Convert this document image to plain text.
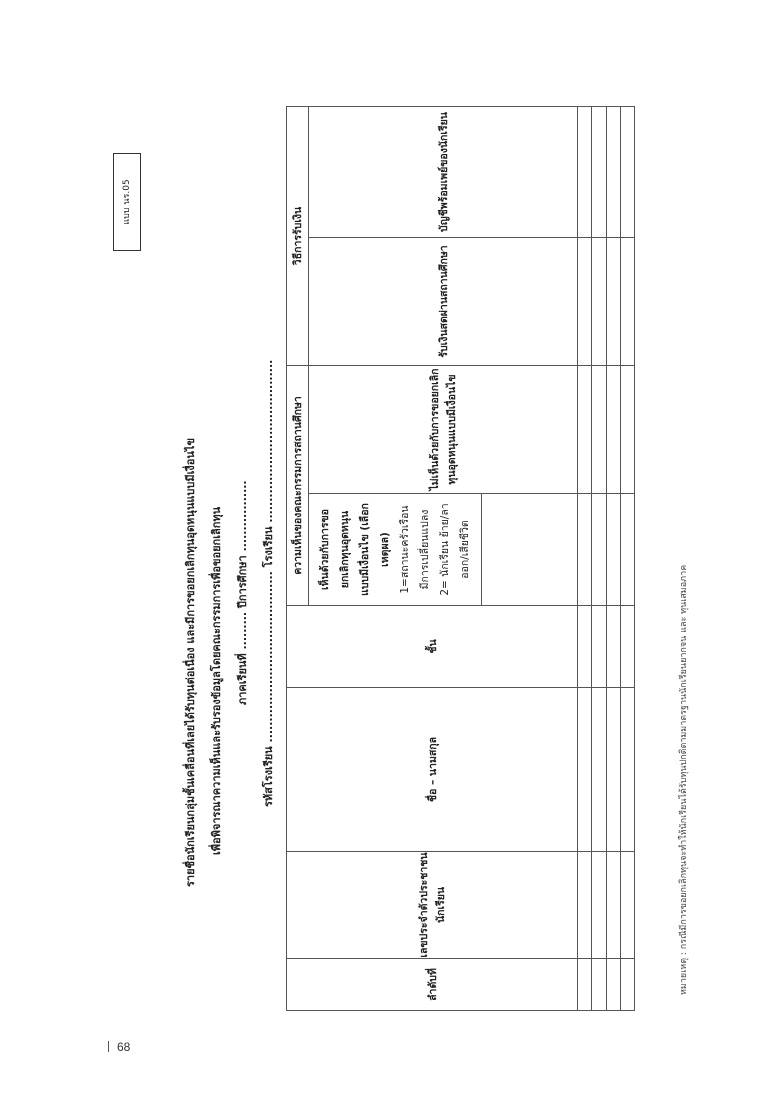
68
แบบ นร.05
รายชื่อนักเรียนกลุ่มชั้นเคลื่อนที่เลยได้รับทุนต่อเนื่อง และมีการขอยกเลิกทุนอุดหนุนแบบมีเงื่อนไข	เพื่อพิจารณาความเห็นและรับรองข้อมูลโดยคณะกรรมการเพื่อขอยกเลิกทุน	ภาคเรียนที่ ......... ปีการศึกษา .................	รหัสโรงเรียน ......................................... โรงเรียน .......................................
ลำดับที่	เลขประจำตัวประชาชนนักเรียน	ชื่อ – นามสกุล	ชั้น	ความเห็นของคณะกรรมการสถานศึกษา		วิธีการรับเงิน	

				เห็นด้วยกับการขอยกเลิกทุนอุดหนุนแบบมีเงื่อนไข (เลือกเหตุผล) 1=สถานะครัวเรือนมีการเปลี่ยนแปลง 2= นักเรียน ย้าย/ลาออก/เสียชีวิต	ไม่เห็นด้วยกับการขอยกเลิกทุนอุดหนุนแบบมีเงื่อนไข	รับเงินสดผ่านสถานศึกษา	บัญชีพร้อมเพย์ของนักเรียน

หมายเหตุ : กรณีมีการขอยกเลิกทุนจะทำให้นักเรียนได้รับทุนปกติตามมาตรฐานนักเรียนยากจน และ ทุนเสมอภาค
